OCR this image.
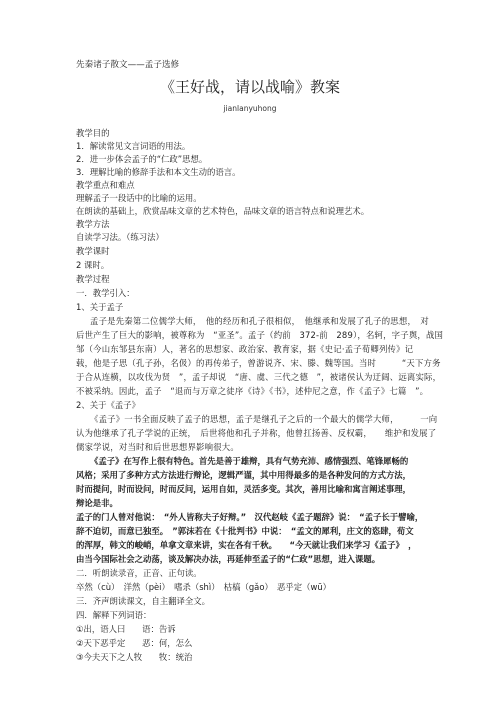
先秦诸子散文——孟子选修
《王好战，请以战喻》教案
jianlanyuhong
教学目的
1．解读常见文言词语的用法。
2．进一步体会孟子的“仁政”思想。
3．理解比喻的修辞手法和本文生动的语言。
教学重点和难点
理解孟子一段话中的比喻的运用。
在朗读的基础上，欣赏品味文章的艺术特色，品味文章的语言特点和说理艺术。
教学方法
自读学习法。（练习法）
教学课时
2 课时。
教学过程
一．教学引入：
1、关于孟子
孟子是先秦第二位儒学大师，　他的经历和孔子很相似，　他继承和发展了孔子的思想，　对
后世产生了巨大的影响，被尊称为　“亚圣”。孟子（约前　372-前　289），名轲，字子舆，战国
邹（今山东邹县东南）人，著名的思想家、政治家、教育家，据《史记·孟子荀卿列传》记
载，他是子思（孔子孙，名伋）的再传弟子，曾游说齐、宋、滕、魏等国。当时　　　“天下方务
于合从连横，以攻伐为贤　”，孟子却说　“唐、虞、三代之德　”，被诸侯认为迂阔、远离实际，
不被采纳。因此，孟子　“退而与万章之徒序《诗》《书》，述仲尼之意，作《孟子》七篇　”。
2、关于《孟子》
《孟子》一书全面反映了孟子的思想，孟子是继孔子之后的一个最大的儒学大师，　　　一向
认为他继承了孔子学说的正统，　后世将他和孔子并称，他曾扛扬善、反权霸，　　维护和发展了
儒家学说，对当时和后世思想界影响很大。
《孟子》在写作上很有特色。首先是善于雄辩，具有气势充沛、感情强烈、笔锋犀畅的
风格；采用了多种方式方法进行辩论，逻辑严谨，其中用得最多的是各种发问的方式方法，
时而提问，时而设问，时而反问，运用自如，灵活多变。其次，善用比喻和寓言阐述事理，
辩论是非。
孟子的门人曾对他说：　“外人皆称夫子好辩。”　汉代赵岐《孟子题辞》说：　“孟子长于譬喻，
辞不迫切，而意已独至。　”郭沫若在《十批判书》中说：　“孟文的犀利，庄文的恣肆，荀文
的浑厚，韩文的峻峭，单拿文章来讲，实在各有千秋。　　“今天就让我们来学习《孟子》　，
由当今国际社会之动荡，谈及解决办法，再延伸至孟子的“仁政”思想，进入课题。
二．听朗读录音，正音、正句读。
卒然（cù）　洋然（pèi）　嗜杀（shì）　枯槁（gǎo）　恶乎定（wū）
三．齐声朗读课文，自主翻译全文。
四．解释下列词语：
①出，语人曰　　语：告诉
②天下恶乎定　　恶：何，怎么
③今夫天下之人牧　　牧：统治
